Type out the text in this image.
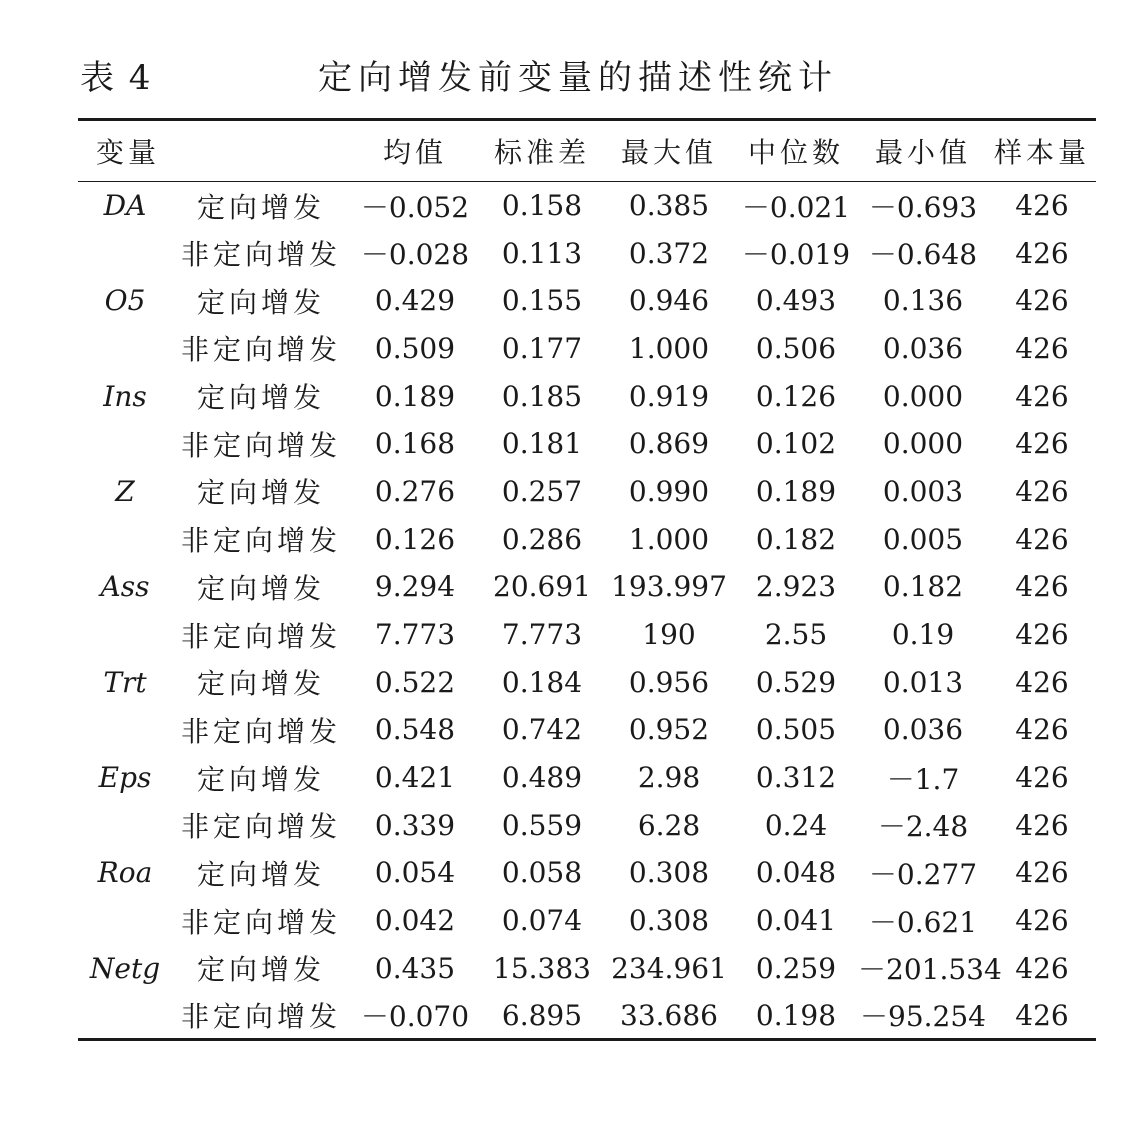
表 4	定向增发前变量的描述性统计
变量		均值	标准差	最大值	中位数	最小值	样本量
DA	定向增发	－0.052	0.158	0.385	－0.021	－0.693	426
	非定向增发	－0.028	0.113	0.372	－0.019	－0.648	426
O5	定向增发	0.429	0.155	0.946	0.493	0.136	426
	非定向增发	0.509	0.177	1.000	0.506	0.036	426
Ins	定向增发	0.189	0.185	0.919	0.126	0.000	426
	非定向增发	0.168	0.181	0.869	0.102	0.000	426
Z	定向增发	0.276	0.257	0.990	0.189	0.003	426
	非定向增发	0.126	0.286	1.000	0.182	0.005	426
Ass	定向增发	9.294	20.691	193.997	2.923	0.182	426
	非定向增发	7.773	7.773	190	2.55	0.19	426
Trt	定向增发	0.522	0.184	0.956	0.529	0.013	426
	非定向增发	0.548	0.742	0.952	0.505	0.036	426
Eps	定向增发	0.421	0.489	2.98	0.312	－1.7	426
	非定向增发	0.339	0.559	6.28	0.24	－2.48	426
Roa	定向增发	0.054	0.058	0.308	0.048	－0.277	426
	非定向增发	0.042	0.074	0.308	0.041	－0.621	426
Netg	定向增发	0.435	15.383	234.961	0.259	－201.534	426
	非定向增发	－0.070	6.895	33.686	0.198	－95.254	426
